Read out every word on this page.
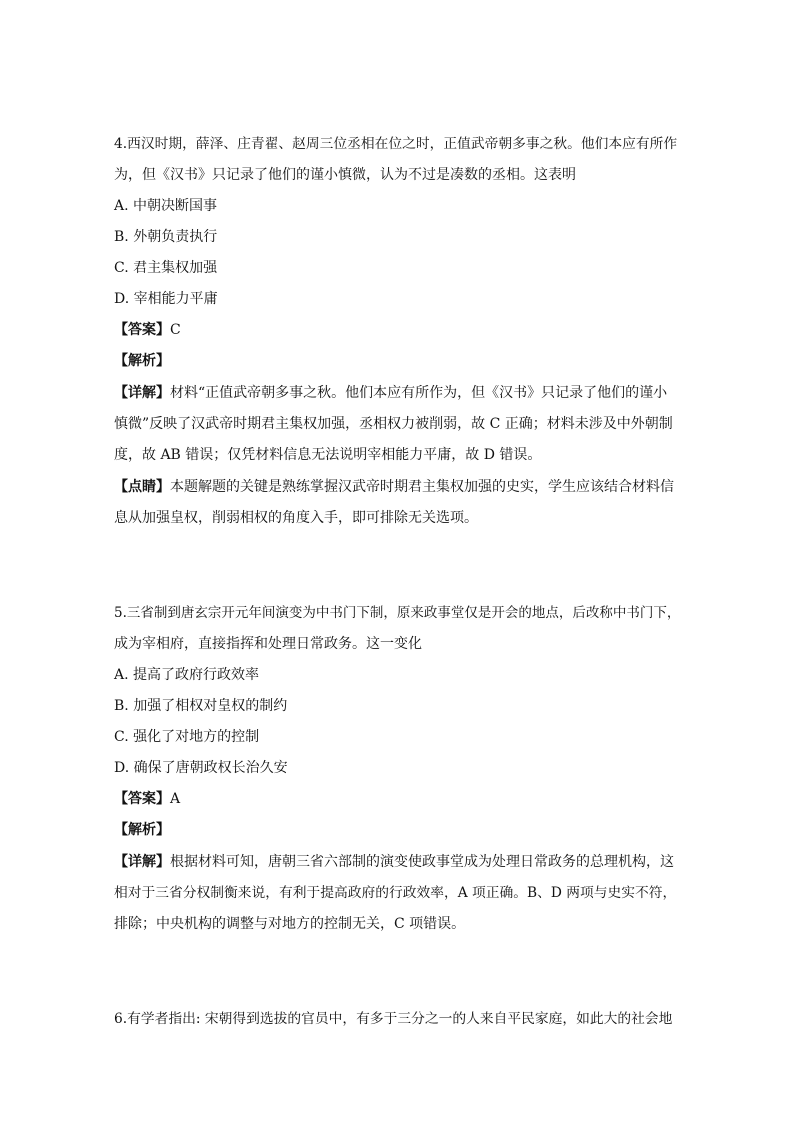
4.西汉时期，薛泽、庄青翟、赵周三位丞相在位之时，正值武帝朝多事之秋。他们本应有所作
为，但《汉书》只记录了他们的谨小慎微，认为不过是凑数的丞相。这表明
A. 中朝决断国事
B. 外朝负责执行
C. 君主集权加强
D. 宰相能力平庸
【答案】C
【解析】
【详解】材料“正值武帝朝多事之秋。他们本应有所作为，但《汉书》只记录了他们的谨小
慎微”反映了汉武帝时期君主集权加强，丞相权力被削弱，故 C 正确；材料未涉及中外朝制
度，故 AB 错误；仅凭材料信息无法说明宰相能力平庸，故 D 错误。
【点睛】本题解题的关键是熟练掌握汉武帝时期君主集权加强的史实，学生应该结合材料信
息从加强皇权，削弱相权的角度入手，即可排除无关选项。
5.三省制到唐玄宗开元年间演变为中书门下制，原来政事堂仅是开会的地点，后改称中书门下，
成为宰相府，直接指挥和处理日常政务。这一变化
A. 提高了政府行政效率
B. 加强了相权对皇权的制约
C. 强化了对地方的控制
D. 确保了唐朝政权长治久安
【答案】A
【解析】
【详解】根据材料可知，唐朝三省六部制的演变使政事堂成为处理日常政务的总理机构，这
相对于三省分权制衡来说，有利于提高政府的行政效率，A 项正确。B、D 两项与史实不符，
排除；中央机构的调整与对地方的控制无关，C 项错误。
6.有学者指出: 宋朝得到选拔的官员中，有多于三分之一的人来自平民家庭，如此大的社会地
